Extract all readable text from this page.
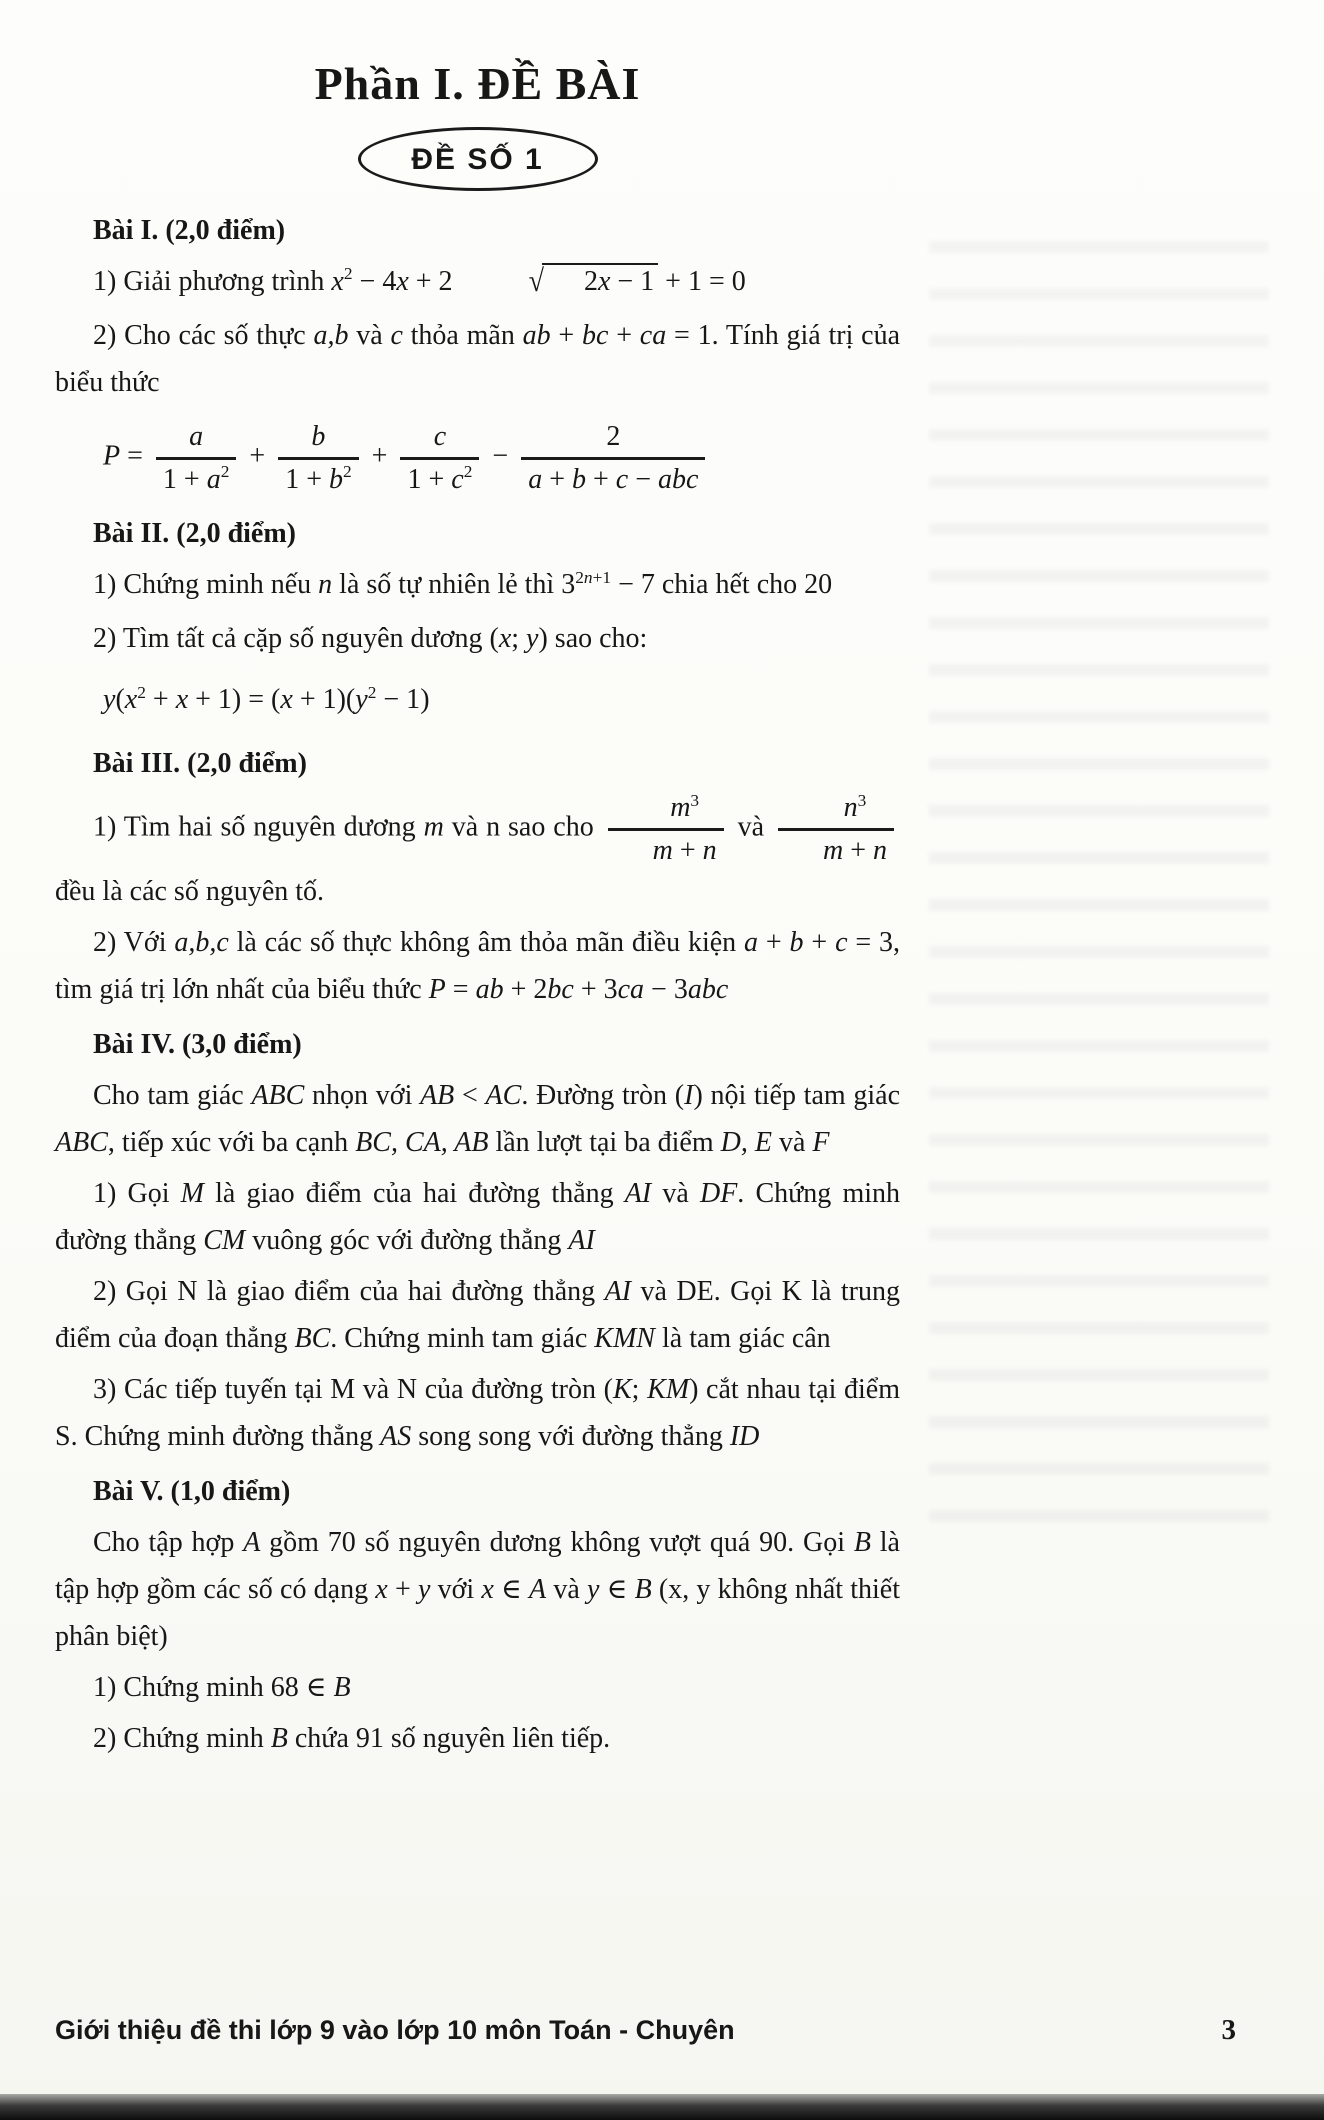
Phần I. ĐỀ BÀI
ĐỀ SỐ 1
Bài I. (2,0 điểm)
1) Giải phương trình $x^2 - 4x + 2$	√ 2x − 1 + 1 = 0
2) Cho các số thực a,b và c thỏa mãn ab + bc + ca = 1. Tính giá trị của biểu thức
$P = \frac{a}{1 + a^2} + \frac{b}{1 + b^2} + \frac{c}{1 + c^2} - \frac{2}{\text{a + b + c − abc}}$
Bài II. (2,0 điểm)
1) Chứng minh nếu n là số tự nhiên lẻ thì $3^{2n+1} - 7$ chia hết cho 20
2) Tìm tất cả cặp số nguyên dương (x; y) sao cho:
$y(x^2 + x + 1) = (x + 1)(y^2 - 1)$
Bài III. (2,0 điểm)
1) Tìm hai số nguyên dương m và n sao cho $\frac{m^3}{m + n}$ và $\frac{n^3}{m + n}$
đều là các số nguyên tố.
2) Với a,b,c là các số thực không âm thỏa mãn điều kiện a + b + c = 3, tìm giá trị lớn nhất của biểu thức P = ab + 2bc + 3ca − 3abc
Bài IV. (3,0 điểm)
Cho tam giác ABC nhọn với AB < AC. Đường tròn (I) nội tiếp tam giác ABC, tiếp xúc với ba cạnh BC, CA, AB lần lượt tại ba điểm D, E và F
1) Gọi M là giao điểm của hai đường thẳng AI và DF. Chứng minh đường thẳng CM vuông góc với đường thẳng AI
2) Gọi N là giao điểm của hai đường thẳng AI và DE. Gọi K là trung điểm của đoạn thẳng BC. Chứng minh tam giác KMN là tam giác cân
3) Các tiếp tuyến tại M và N của đường tròn (K; KM) cắt nhau tại điểm S. Chứng minh đường thẳng AS song song với đường thẳng ID
Bài V. (1,0 điểm)
Cho tập hợp A gồm 70 số nguyên dương không vượt quá 90. Gọi B là tập hợp gồm các số có dạng x + y với x ∈ A và y ∈ B (x, y không nhất thiết phân biệt)
1) Chứng minh 68 ∈ B
2) Chứng minh B chứa 91 số nguyên liên tiếp.
Giới thiệu đề thi lớp 9 vào lớp 10 môn Toán - Chuyên	3
